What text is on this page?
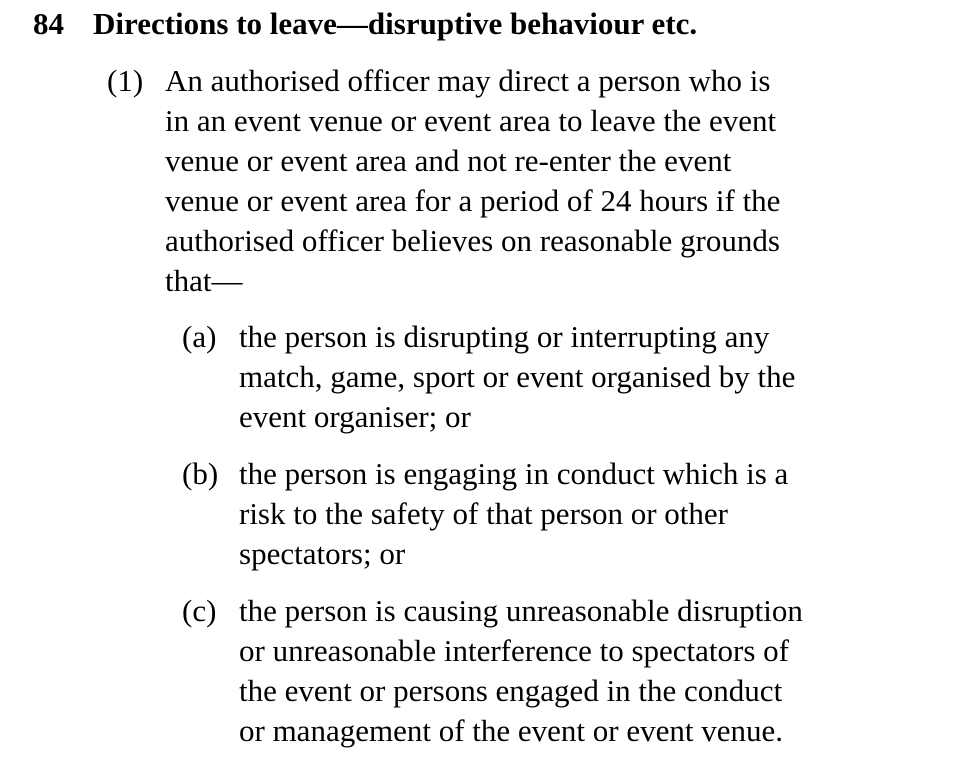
84 Directions to leave—disruptive behaviour etc.
(1) An authorised officer may direct a person who is
in an event venue or event area to leave the event
venue or event area and not re-enter the event
venue or event area for a period of 24 hours if the
authorised officer believes on reasonable grounds
that—
(a) the person is disrupting or interrupting any
match, game, sport or event organised by the
event organiser; or
(b) the person is engaging in conduct which is a
risk to the safety of that person or other
spectators; or
(c) the person is causing unreasonable disruption
or unreasonable interference to spectators of
the event or persons engaged in the conduct
or management of the event or event venue.
